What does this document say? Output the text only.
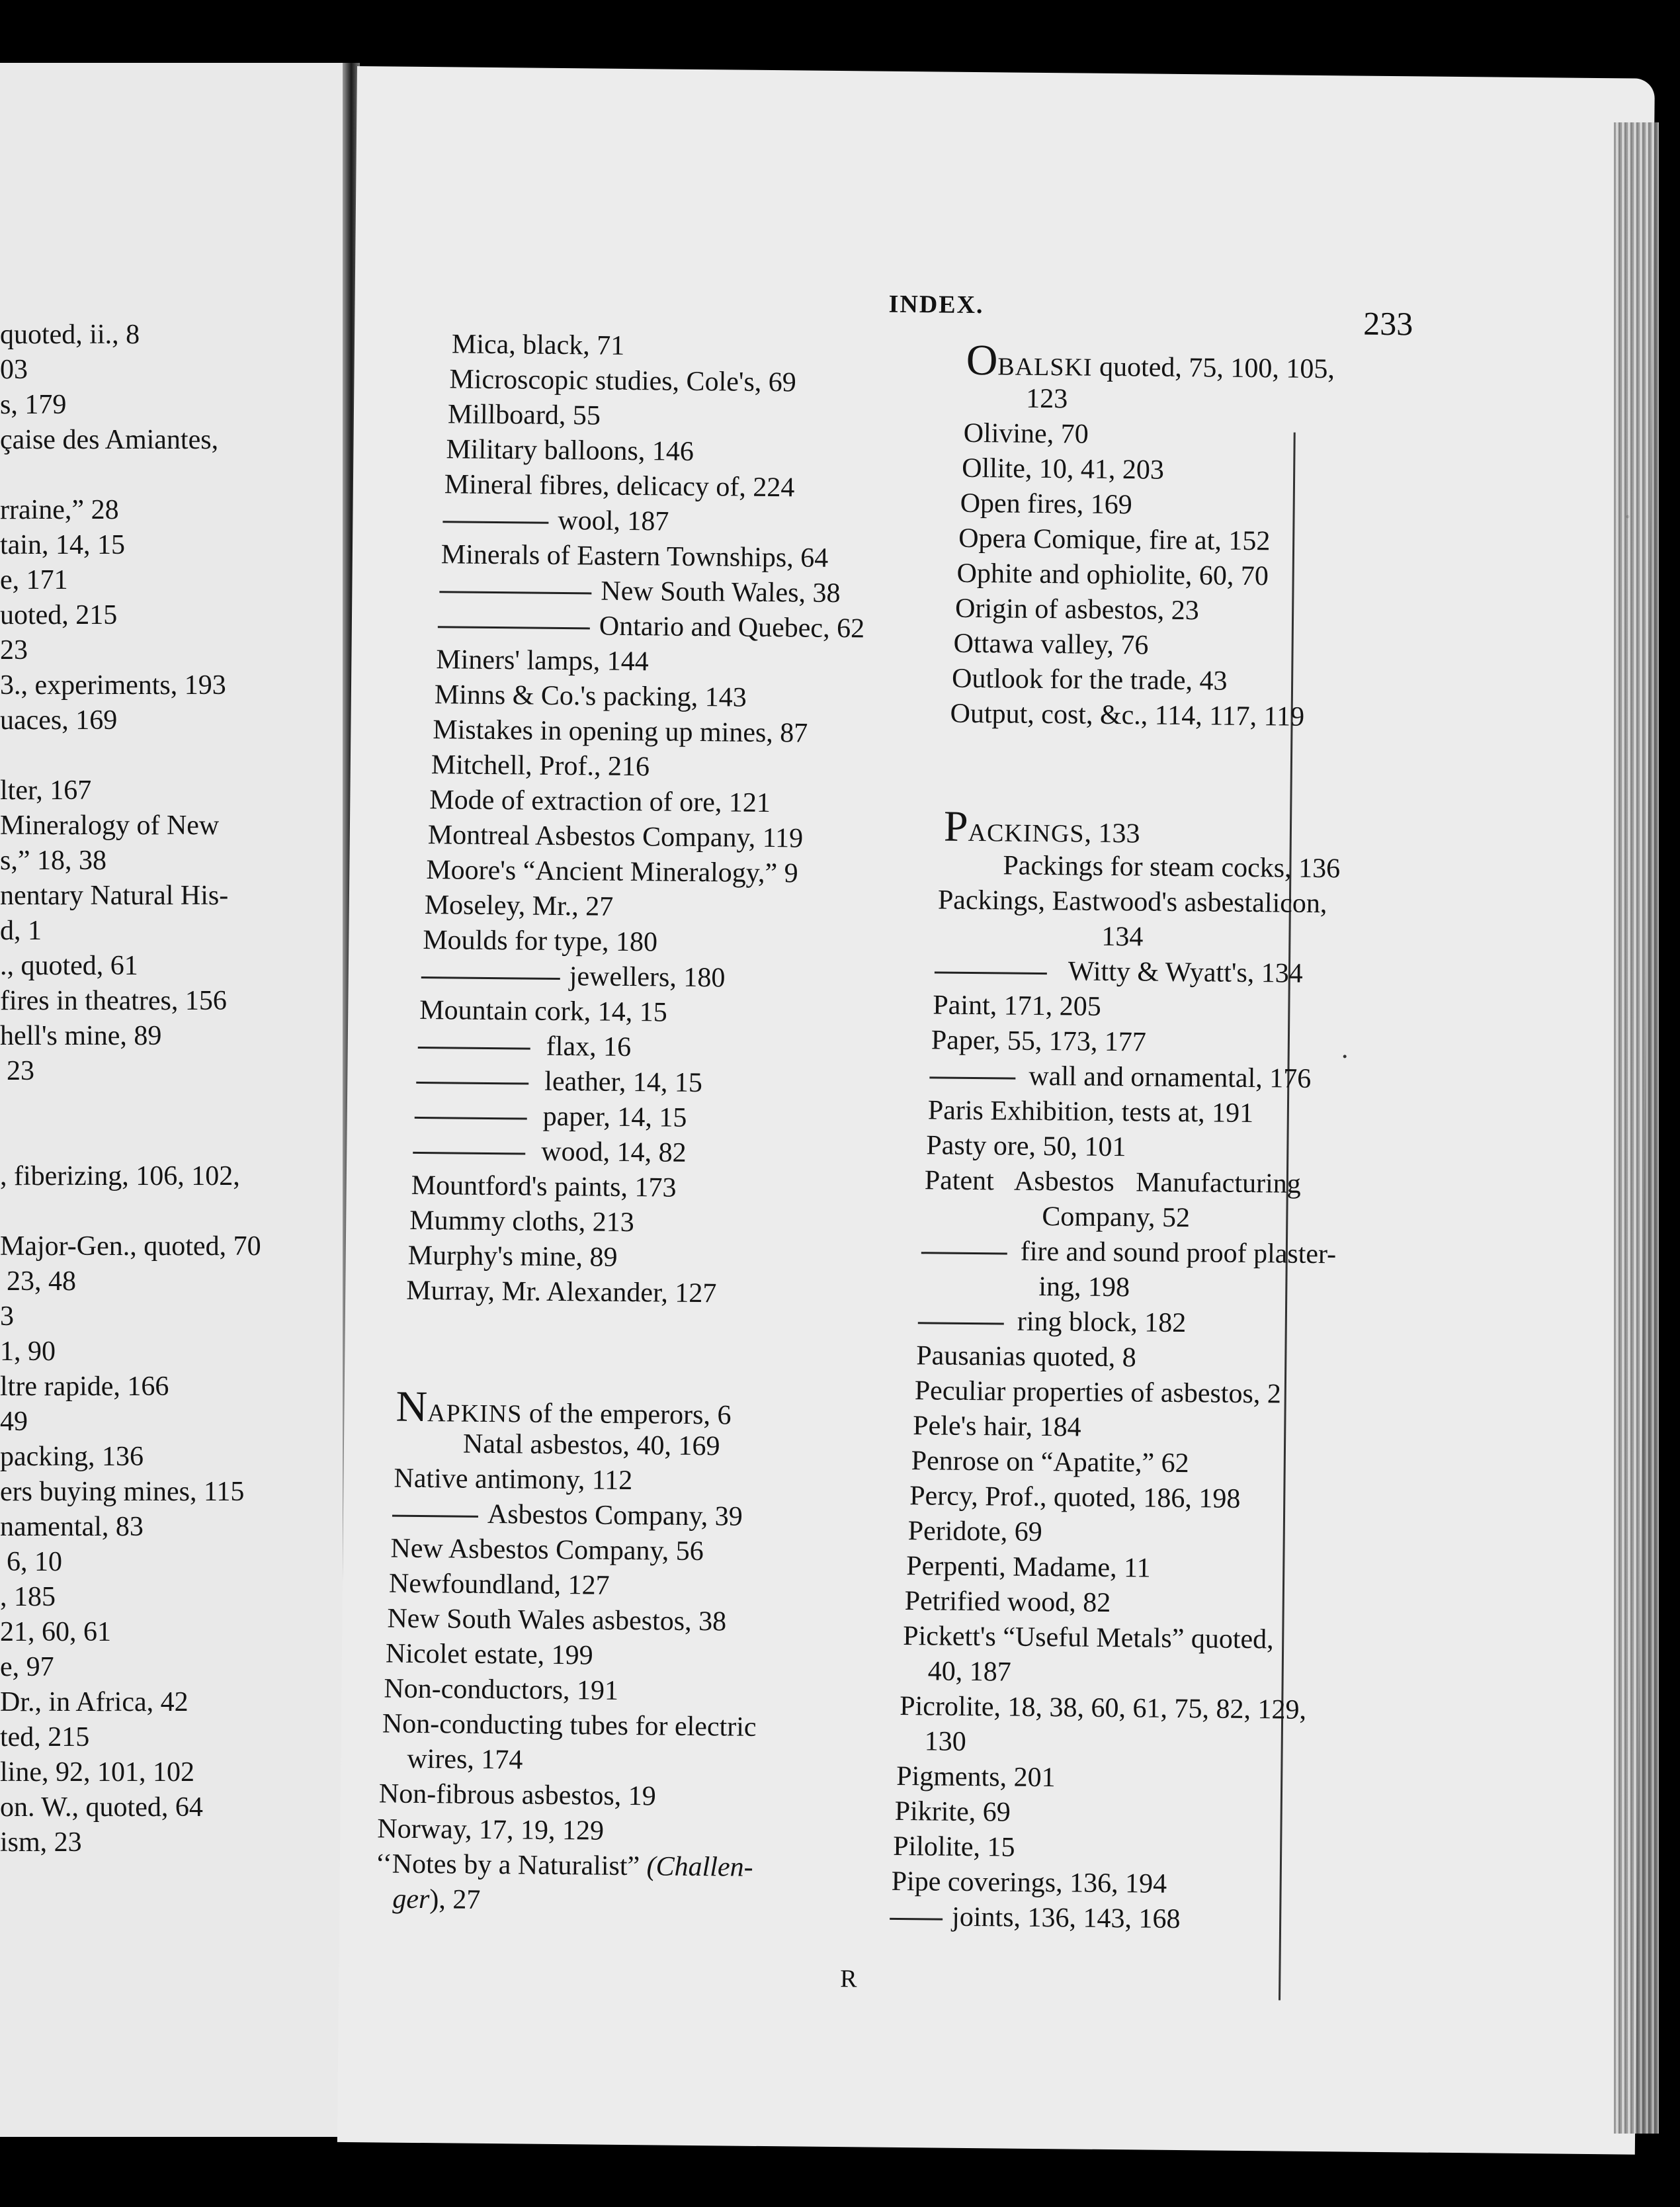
quoted, ii., 8
03
s, 179
çaise des Amiantes,
rraine,” 28
tain, 14, 15
e, 171
uoted, 215
23
3., experiments, 193
uaces, 169
lter, 167
Mineralogy of New
s,” 18, 38
nentary Natural His-
d, 1
., quoted, 61
fires in theatres, 156
hell's mine, 89
23
, fiberizing, 106, 102,
Major-Gen., quoted, 70
23, 48
3
1, 90
ltre rapide, 166
49
packing, 136
ers buying mines, 115
namental, 83
6, 10
, 185
21, 60, 61
e, 97
Dr., in Africa, 42
ted, 215
line, 92, 101, 102
on. W., quoted, 64
ism, 23
INDEX.
233
Mica, black, 71
Microscopic studies, Cole's, 69
Millboard, 55
Military balloons, 146
Mineral fibres, delicacy of, 224
wool, 187
Minerals of Eastern Townships, 64
New South Wales, 38
Ontario and Quebec, 62
Miners' lamps, 144
Minns & Co.'s packing, 143
Mistakes in opening up mines, 87
Mitchell, Prof., 216
Mode of extraction of ore, 121
Montreal Asbestos Company, 119
Moore's “Ancient Mineralogy,” 9
Moseley, Mr., 27
Moulds for type, 180
jewellers, 180
Mountain cork, 14, 15
flax, 16
leather, 14, 15
paper, 14, 15
wood, 14, 82
Mountford's paints, 173
Mummy cloths, 213
Murphy's mine, 89
Murray, Mr. Alexander, 127
NAPKINS of the emperors, 6
Natal asbestos, 40, 169
Native antimony, 112
Asbestos Company, 39
New Asbestos Company, 56
Newfoundland, 127
New South Wales asbestos, 38
Nicolet estate, 199
Non-conductors, 191
Non-conducting tubes for electric
wires, 174
Non-fibrous asbestos, 19
Norway, 17, 19, 129
‘‘Notes by a Naturalist” (Challen-
ger), 27
OBALSKI quoted, 75, 100, 105,
123
Olivine, 70
Ollite, 10, 41, 203
Open fires, 169
Opera Comique, fire at, 152
Ophite and ophiolite, 60, 70
Origin of asbestos, 23
Ottawa valley, 76
Outlook for the trade, 43
Output, cost, &c., 114, 117, 119
PACKINGS, 133
Packings for steam cocks, 136
Packings, Eastwood's asbestalicon,
134
Witty & Wyatt's, 134
Paint, 171, 205
Paper, 55, 173, 177
wall and ornamental, 176
Paris Exhibition, tests at, 191
Pasty ore, 50, 101
Patent Asbestos Manufacturing
Company, 52
fire and sound proof plaster-
ing, 198
ring block, 182
Pausanias quoted, 8
Peculiar properties of asbestos, 2
Pele's hair, 184
Penrose on “Apatite,” 62
Percy, Prof., quoted, 186, 198
Peridote, 69
Perpenti, Madame, 11
Petrified wood, 82
Pickett's “Useful Metals” quoted,
40, 187
Picrolite, 18, 38, 60, 61, 75, 82, 129,
130
Pigments, 201
Pikrite, 69
Pilolite, 15
Pipe coverings, 136, 194
joints, 136, 143, 168
R
